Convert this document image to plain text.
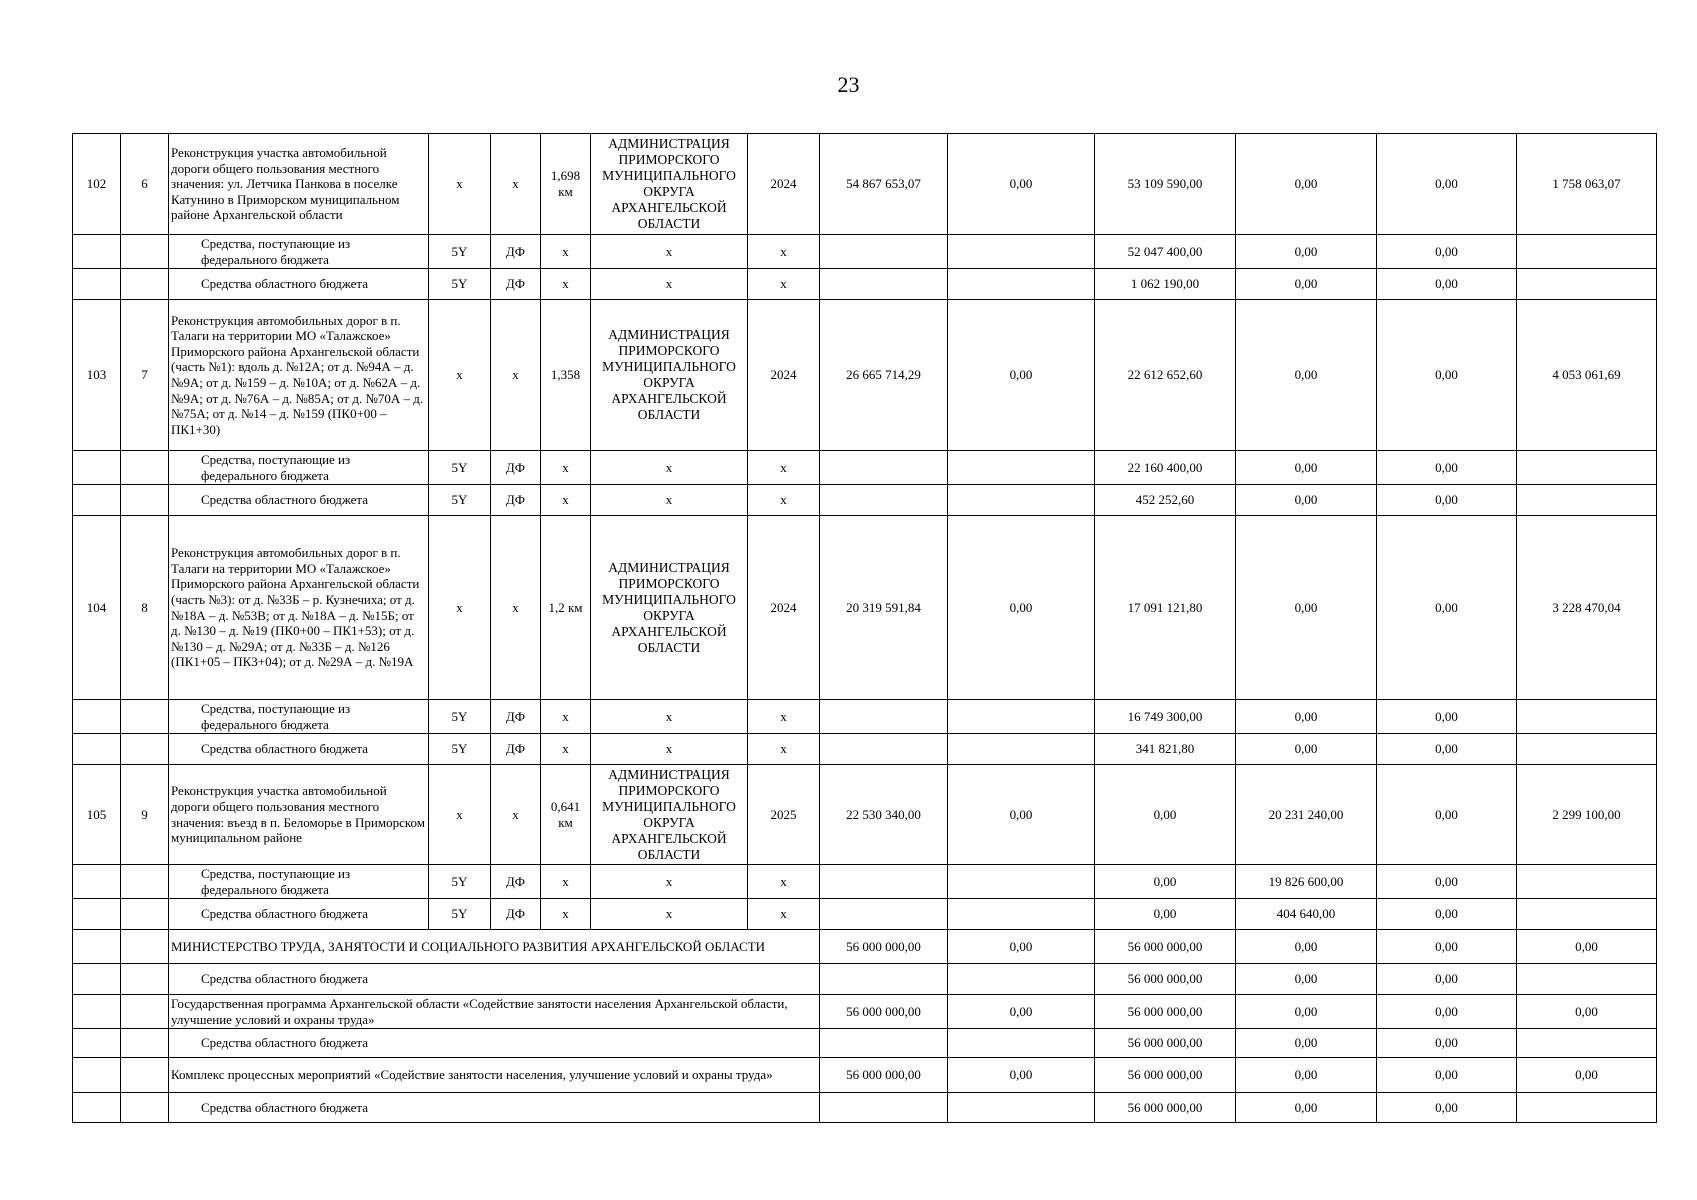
23
102	6	Реконструкция участка автомобильной дороги общего пользования местного значения: ул. Летчика Панкова в поселке Катунино в Приморском муниципальном районе Архангельской области	х	х	1,698 км	АДМИНИСТРАЦИЯ ПРИМОРСКОГО МУНИЦИПАЛЬНОГО ОКРУГА АРХАНГЕЛЬСКОЙ ОБЛАСТИ	2024	54 867 653,07	0,00	53 109 590,00	0,00	0,00	1 758 063,07
		Средства, поступающие из федерального бюджета	5Y	ДФ	х	х	х			52 047 400,00	0,00	0,00	
		Средства областного бюджета	5Y	ДФ	х	х	х			1 062 190,00	0,00	0,00	
103	7	Реконструкция автомобильных дорог в п. Талаги на территории МО «Талажское» Приморского района Архангельской области (часть №1): вдоль д. №12А; от д. №94А – д. №9А; от д. №159 – д. №10А; от д. №62А – д. №9А; от д. №76А – д. №85А; от д. №70А – д. №75А; от д. №14 – д. №159 (ПК0+00 – ПК1+30)	х	х	1,358	АДМИНИСТРАЦИЯ ПРИМОРСКОГО МУНИЦИПАЛЬНОГО ОКРУГА АРХАНГЕЛЬСКОЙ ОБЛАСТИ	2024	26 665 714,29	0,00	22 612 652,60	0,00	0,00	4 053 061,69
		Средства, поступающие из федерального бюджета	5Y	ДФ	х	х	х			22 160 400,00	0,00	0,00	
		Средства областного бюджета	5Y	ДФ	х	х	х			452 252,60	0,00	0,00	
104	8	Реконструкция автомобильных дорог в п. Талаги на территории МО «Талажское» Приморского района Архангельской области (часть №3): от д. №33Б – р. Кузнечиха; от д. №18А – д. №53В; от д. №18А – д. №15Б; от д. №130 – д. №19 (ПК0+00 – ПК1+53); от д. №130 – д. №29А; от д. №33Б – д. №126 (ПК1+05 – ПК3+04); от д. №29А – д. №19А	х	х	1,2 км	АДМИНИСТРАЦИЯ ПРИМОРСКОГО МУНИЦИПАЛЬНОГО ОКРУГА АРХАНГЕЛЬСКОЙ ОБЛАСТИ	2024	20 319 591,84	0,00	17 091 121,80	0,00	0,00	3 228 470,04
		Средства, поступающие из федерального бюджета	5Y	ДФ	х	х	х			16 749 300,00	0,00	0,00	
		Средства областного бюджета	5Y	ДФ	х	х	х			341 821,80	0,00	0,00	
105	9	Реконструкция участка автомобильной дороги общего пользования местного значения: въезд в п. Беломорье в Приморском муниципальном районе	х	х	0,641 км	АДМИНИСТРАЦИЯ ПРИМОРСКОГО МУНИЦИПАЛЬНОГО ОКРУГА АРХАНГЕЛЬСКОЙ ОБЛАСТИ	2025	22 530 340,00	0,00	0,00	20 231 240,00	0,00	2 299 100,00
		Средства, поступающие из федерального бюджета	5Y	ДФ	х	х	х			0,00	19 826 600,00	0,00	
		Средства областного бюджета	5Y	ДФ	х	х	х			0,00	404 640,00	0,00	
		МИНИСТЕРСТВО ТРУДА, ЗАНЯТОСТИ И СОЦИАЛЬНОГО РАЗВИТИЯ АРХАНГЕЛЬСКОЙ ОБЛАСТИ						56 000 000,00	0,00	56 000 000,00	0,00	0,00	0,00
		Средства областного бюджета								56 000 000,00	0,00	0,00	
		Государственная программа Архангельской области «Содействие занятости населения Архангельской области, улучшение условий и охраны труда»						56 000 000,00	0,00	56 000 000,00	0,00	0,00	0,00
		Средства областного бюджета								56 000 000,00	0,00	0,00	
		Комплекс процессных мероприятий «Содействие занятости населения, улучшение условий и охраны труда»						56 000 000,00	0,00	56 000 000,00	0,00	0,00	0,00
		Средства областного бюджета								56 000 000,00	0,00	0,00	
